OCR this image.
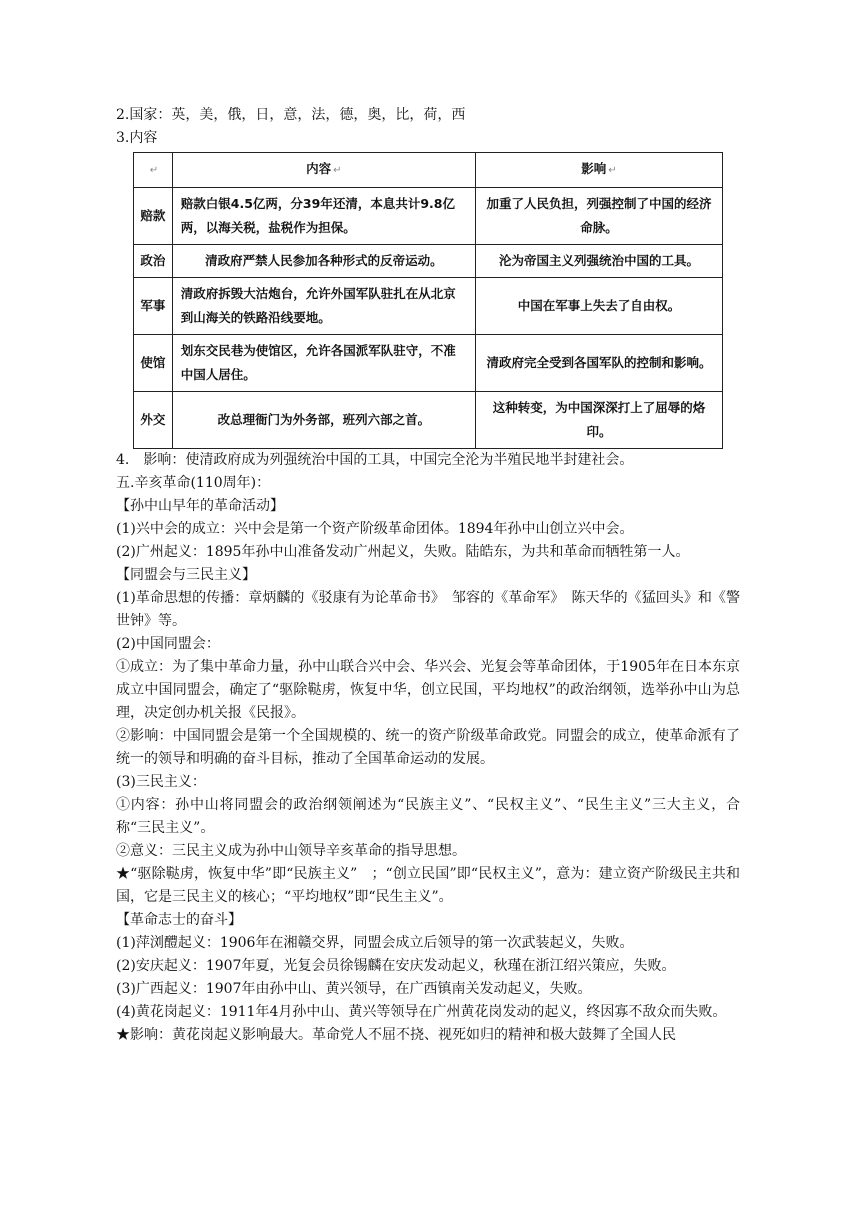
2.国家：英，美，俄，日，意，法，德，奥，比，荷，西
3.内容
↵	内容 ↵	影响 ↵
赔款	赔款白银4.5亿两，分39年还清，本息共计9.8亿两，以海关税，盐税作为担保。	加重了人民负担，列强控制了中国的经济命脉。
政治	清政府严禁人民参加各种形式的反帝运动。	沦为帝国主义列强统治中国的工具。
军事	清政府拆毁大沽炮台，允许外国军队驻扎在从北京到山海关的铁路沿线要地。	中国在军事上失去了自由权。
使馆	划东交民巷为使馆区，允许各国派军队驻守，不准中国人居住。	清政府完全受到各国军队的控制和影响。
外交	改总理衙门为外务部，班列六部之首。	这种转变，为中国深深打上了屈辱的烙印。
4.　影响：使清政府成为列强统治中国的工具，中国完全沦为半殖民地半封建社会。
五.辛亥革命(110周年)：
【孙中山早年的革命活动】
(1)兴中会的成立：兴中会是第一个资产阶级革命团体。1894年孙中山创立兴中会。
(2)广州起义：1895年孙中山准备发动广州起义，失败。陆皓东，为共和革命而牺牲第一人。
【同盟会与三民主义】
(1)革命思想的传播：章炳麟的《驳康有为论革命书》　邹容的《革命军》　陈天华的《猛回头》和《警世钟》等。
(2)中国同盟会：
①成立：为了集中革命力量，孙中山联合兴中会、华兴会、光复会等革命团体，于1905年在日本东京成立中国同盟会，确定了“驱除鞑虏，恢复中华，创立民国，平均地权”的政治纲领，选举孙中山为总理，决定创办机关报《民报》。
②影响：中国同盟会是第一个全国规模的、统一的资产阶级革命政党。同盟会的成立，使革命派有了统一的领导和明确的奋斗目标，推动了全国革命运动的发展。
(3)三民主义：
①内容：孙中山将同盟会的政治纲领阐述为“民族主义”、“民权主义”、“民生主义”三大主义，合称“三民主义”。
②意义：三民主义成为孙中山领导辛亥革命的指导思想。
★“驱除鞑虏，恢复中华”即“民族主义”　；“创立民国”即“民权主义”，意为：建立资产阶级民主共和国，它是三民主义的核心；“平均地权”即“民生主义”。
【革命志士的奋斗】
(1)萍浏醴起义：1906年在湘赣交界，同盟会成立后领导的第一次武装起义，失败。
(2)安庆起义：1907年夏，光复会员徐锡麟在安庆发动起义，秋瑾在浙江绍兴策应，失败。
(3)广西起义：1907年由孙中山、黄兴领导，在广西镇南关发动起义，失败。
(4)黄花岗起义：1911年4月孙中山、黄兴等领导在广州黄花岗发动的起义，终因寡不敌众而失败。
★影响：黄花岗起义影响最大。革命党人不屈不挠、视死如归的精神和极大鼓舞了全国人民
